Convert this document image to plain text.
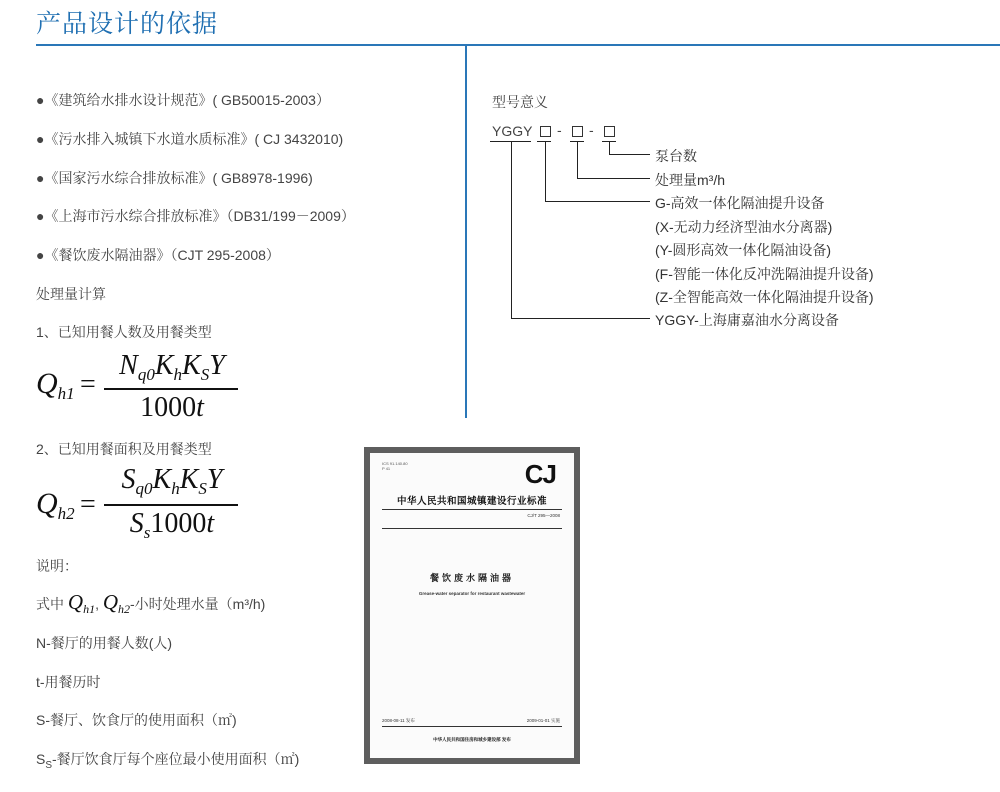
产品设计的依据
●《建筑给水排水设计规范》( GB50015-2003）
●《污水排入城镇下水道水质标准》( CJ 3432010)
●《国家污水综合排放标准》( GB8978-1996)
●《上海市污水综合排放标准》（DB31/199－2009）
●《餐饮废水隔油器》（CJT 295-2008）
处理量计算
1、已知用餐人数及用餐类型
$Q_{h1}$ =
$N_{q0}K_hK_SY$
1000t
2、已知用餐面积及用餐类型
$Q_{h2}$ =
$S_{q0}K_hK_SY$
$S_s1000t$
说明：
式中 $Q_{h1}$, $Q_{h2}-$小时处理水量（m³/h)
N-餐厅的用餐人数(人)
t-用餐历时
S-餐厅、饮食厅的使用面积（㎡)
$S_S-$餐厅饮食厅每个座位最小使用面积（㎡)
型号意义
YGGY - -
泵台数
处理量m³/h
G-高效一体化隔油提升设备
(X-无动力经济型油水分离器)
(Y-圆形高效一体化隔油设备)
(F-智能一体化反冲洗隔油提升设备)
(Z-全智能高效一体化隔油提升设备)
YGGY-上海庸嘉油水分离设备
ICS 91.140.80
P 41	CJ
中华人民共和国城镇建设行业标准
CJ/T 295—2008
餐饮废水隔油器
Grease-water separator for restaurant wastewater
2008-08-11 发布	2009-01-01 实施
中华人民共和国住房和城乡建设部 发布
